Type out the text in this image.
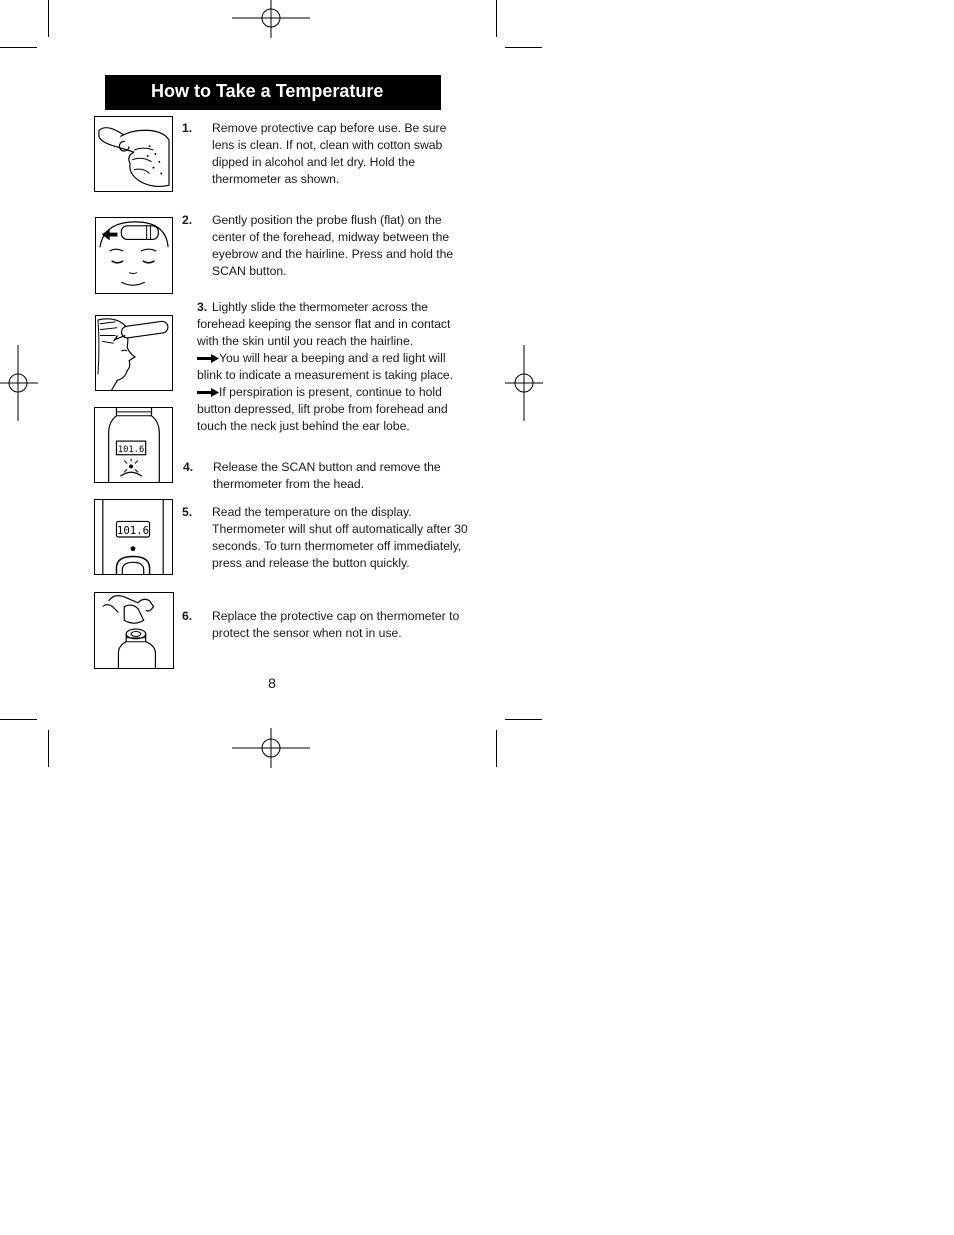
How to Take a Temperature
101.6
101.6
1. Remove protective cap before use. Be sure lens is clean. If not, clean with cotton swab dipped in alcohol and let dry. Hold the thermometer as shown.
2. Gently position the probe flush (flat) on the center of the forehead, midway between the eyebrow and the hairline. Press and hold the SCAN button.
3. Lightly slide the thermometer across the forehead keeping the sensor flat and in contact with the skin until you reach the hairline.
You will hear a beeping and a red light will blink to indicate a measurement is taking place.
If perspiration is present, continue to hold button depressed, lift probe from forehead and touch the neck just behind the ear lobe.
4. Release the SCAN button and remove the thermometer from the head.
5. Read the temperature on the display. Thermometer will shut off automatically after 30 seconds. To turn thermometer off immediately, press and release the button quickly.
6. Replace the protective cap on thermometer to protect the sensor when not in use.
8
